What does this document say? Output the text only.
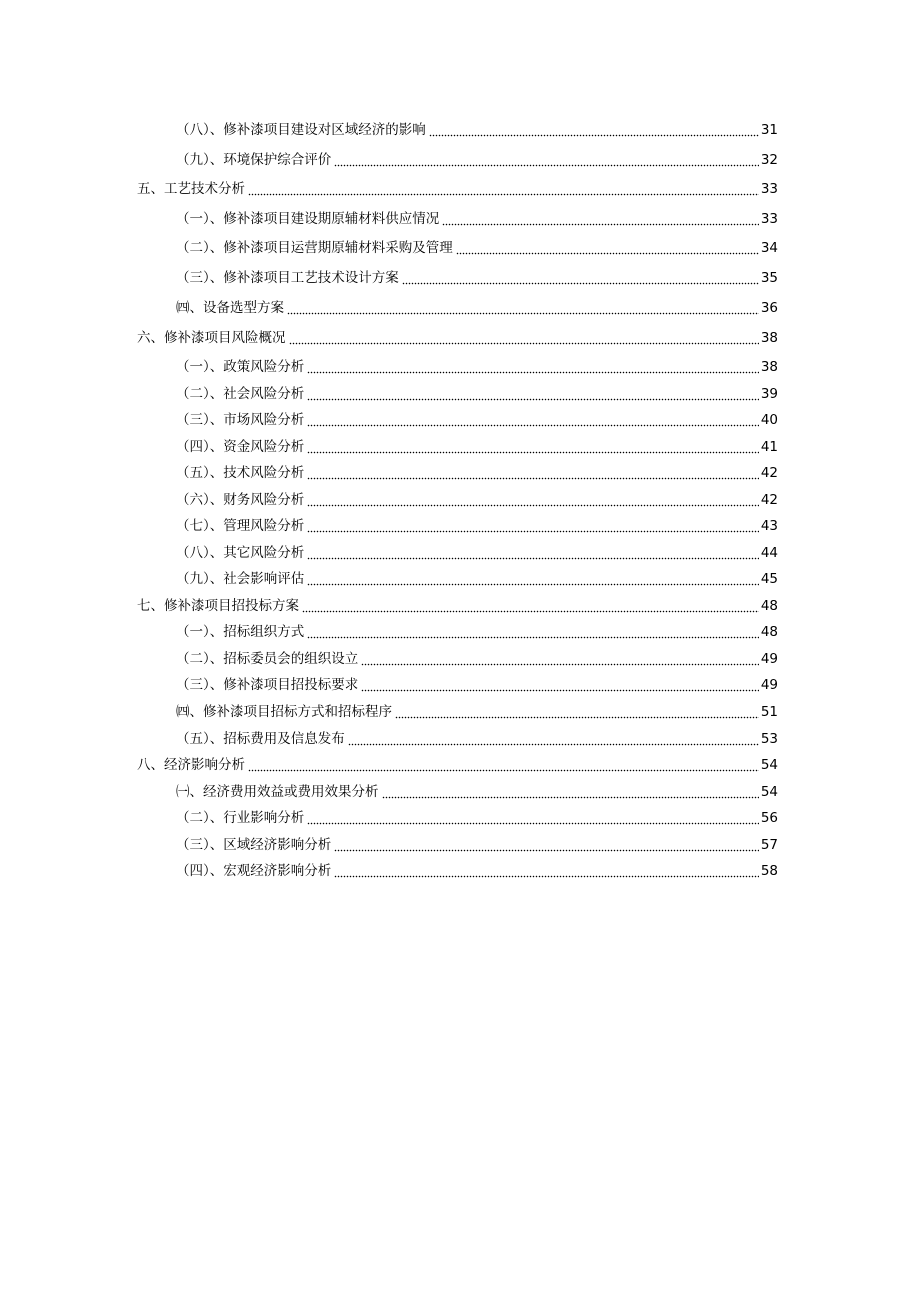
（八）、修补漆项目建设对区域经济的影响	31
（九）、环境保护综合评价	32
五、工艺技术分析	33
（一）、修补漆项目建设期原辅材料供应情况	33
（二）、修补漆项目运营期原辅材料采购及管理	34
（三）、修补漆项目工艺技术设计方案	35
㈣、设备选型方案	36
六、修补漆项目风险概况	38
（一）、政策风险分析	38
（二）、社会风险分析	39
（三）、市场风险分析	40
（四）、资金风险分析	41
（五）、技术风险分析	42
（六）、财务风险分析	42
（七）、管理风险分析	43
（八）、其它风险分析	44
（九）、社会影响评估	45
七、修补漆项目招投标方案	48
（一）、招标组织方式	48
（二）、招标委员会的组织设立	49
（三）、修补漆项目招投标要求	49
㈣、修补漆项目招标方式和招标程序	51
（五）、招标费用及信息发布	53
八、经济影响分析	54
㈠、经济费用效益或费用效果分析	54
（二）、行业影响分析	56
（三）、区域经济影响分析	57
（四）、宏观经济影响分析	58
